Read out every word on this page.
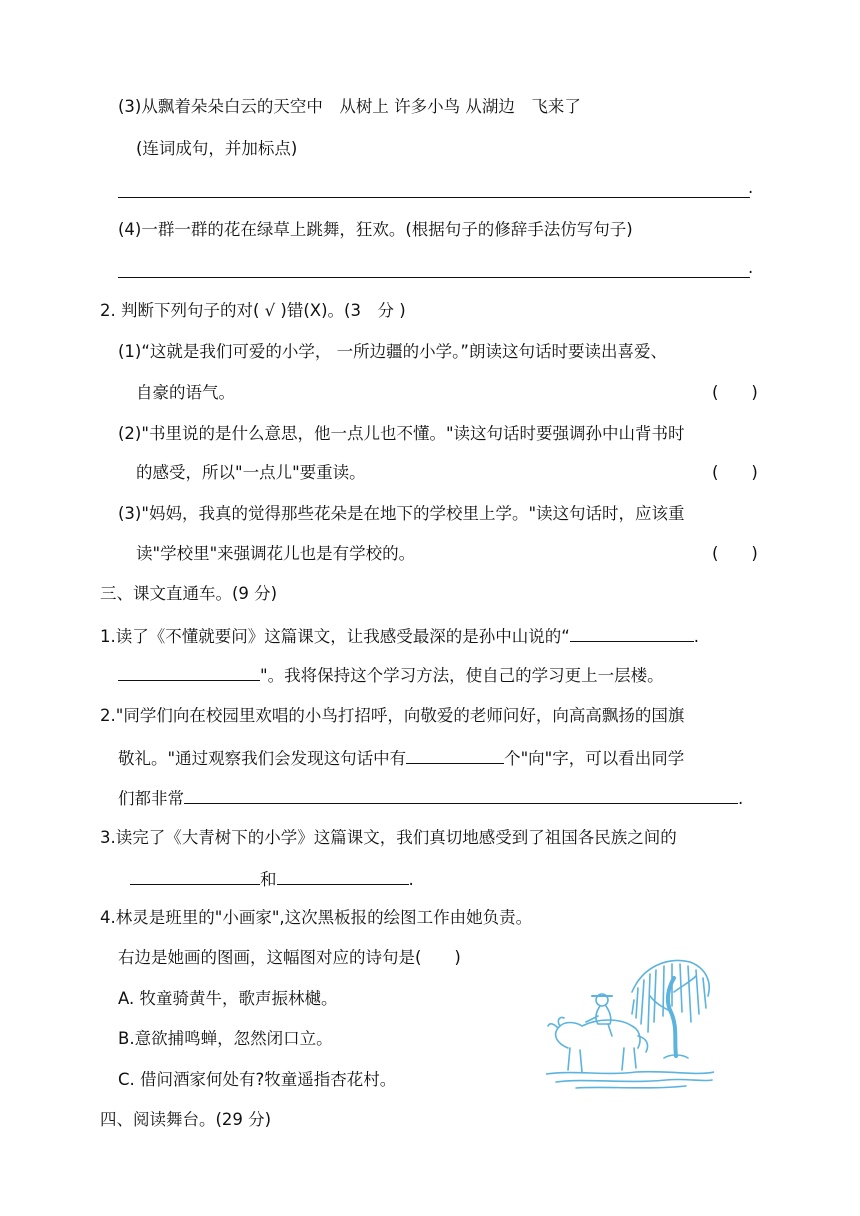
(3)从飘着朵朵白云的天空中　从树上 许多小鸟 从湖边　飞来了
(连词成句，并加标点)
.
(4)一群一群的花在绿草上跳舞，狂欢。(根据句子的修辞手法仿写句子)
.
2. 判断下列句子的对( √ )错(X)。(3　分 )
(1)“这就是我们可爱的小学， 一所边疆的小学。”朗读这句话时要读出喜爱、
自豪的语气。	(　　)
(2)"书里说的是什么意思，他一点儿也不懂。"读这句话时要强调孙中山背书时
的感受，所以"一点儿"要重读。	(　　)
(3)"妈妈，我真的觉得那些花朵是在地下的学校里上学。"读这句话时，应该重
读"学校里"来强调花儿也是有学校的。	(　　)
三、课文直通车。(9 分)
1.读了《不懂就要问》这篇课文，让我感受最深的是孙中山说的“	.
"。我将保持这个学习方法，使自己的学习更上一层楼。
2."同学们向在校园里欢唱的小鸟打招呼，向敬爱的老师问好，向高高飘扬的国旗
敬礼。"通过观察我们会发现这句话中有	个"向"字，可以看出同学
们都非常	.
3.读完了《大青树下的小学》这篇课文，我们真切地感受到了祖国各民族之间的
和	.
4.林灵是班里的"小画家",这次黑板报的绘图工作由她负责。
右边是她画的图画，这幅图对应的诗句是(　　)
A. 牧童骑黄牛，歌声振林樾。
B.意欲捕鸣蝉，忽然闭口立。
C. 借问酒家何处有?牧童遥指杏花村。
四、阅读舞台。(29 分)
